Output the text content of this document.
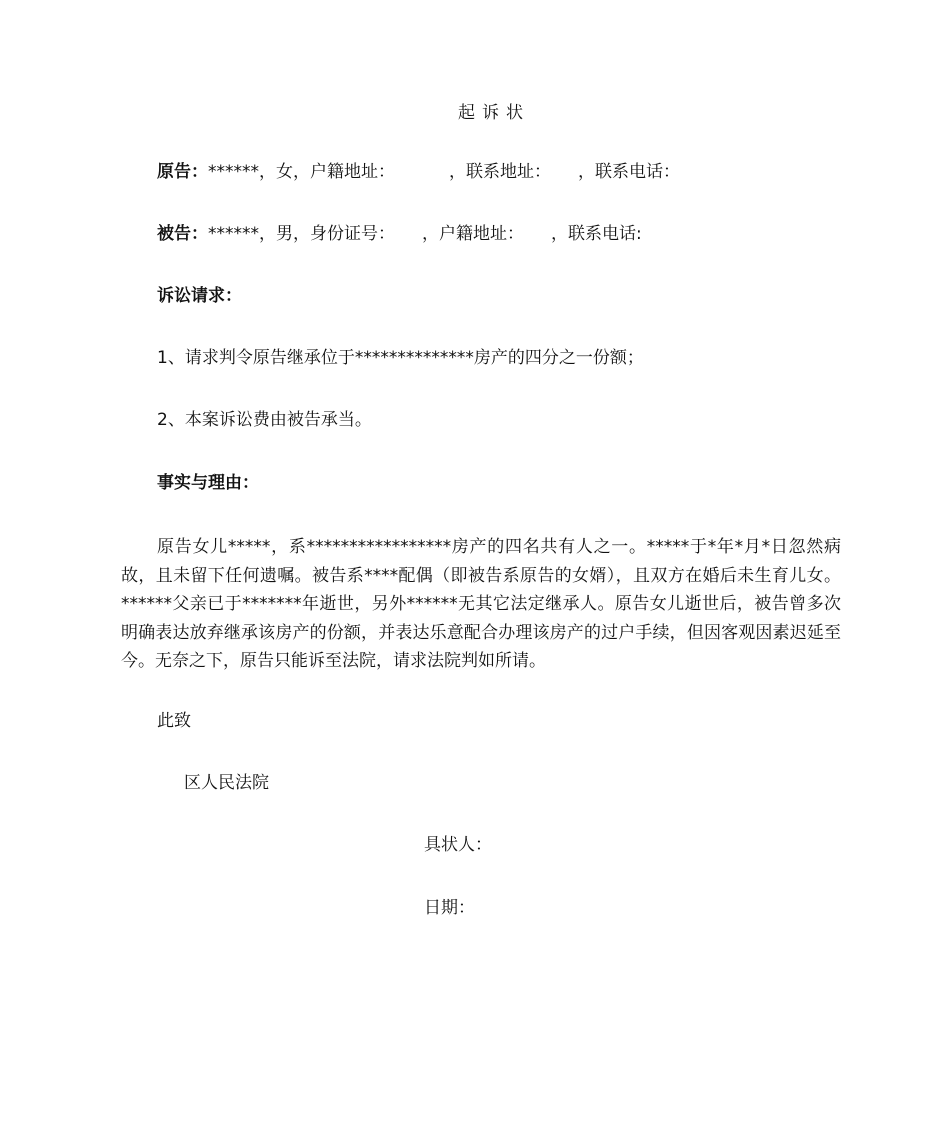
起诉状
原告：******，女，户籍地址：          ，联系地址：     ，联系电话：
被告：******，男，身份证号：     ，户籍地址：     ，联系电话:
诉讼请求：
1、请求判令原告继承位于**************房产的四分之一份额；
2、本案诉讼费由被告承当。
事实与理由：
原告女儿*****，系*****************房产的四名共有人之一。*****于*年*月*日忽然病故，且未留下任何遗嘱。被告系****配偶（即被告系原告的女婿），且双方在婚后未生育儿女。******父亲已于*******年逝世，另外******无其它法定继承人。原告女儿逝世后，被告曾多次明确表达放弃继承该房产的份额，并表达乐意配合办理该房产的过户手续，但因客观因素迟延至今。无奈之下，原告只能诉至法院，请求法院判如所请。
此致
区人民法院
具状人：
日期：
